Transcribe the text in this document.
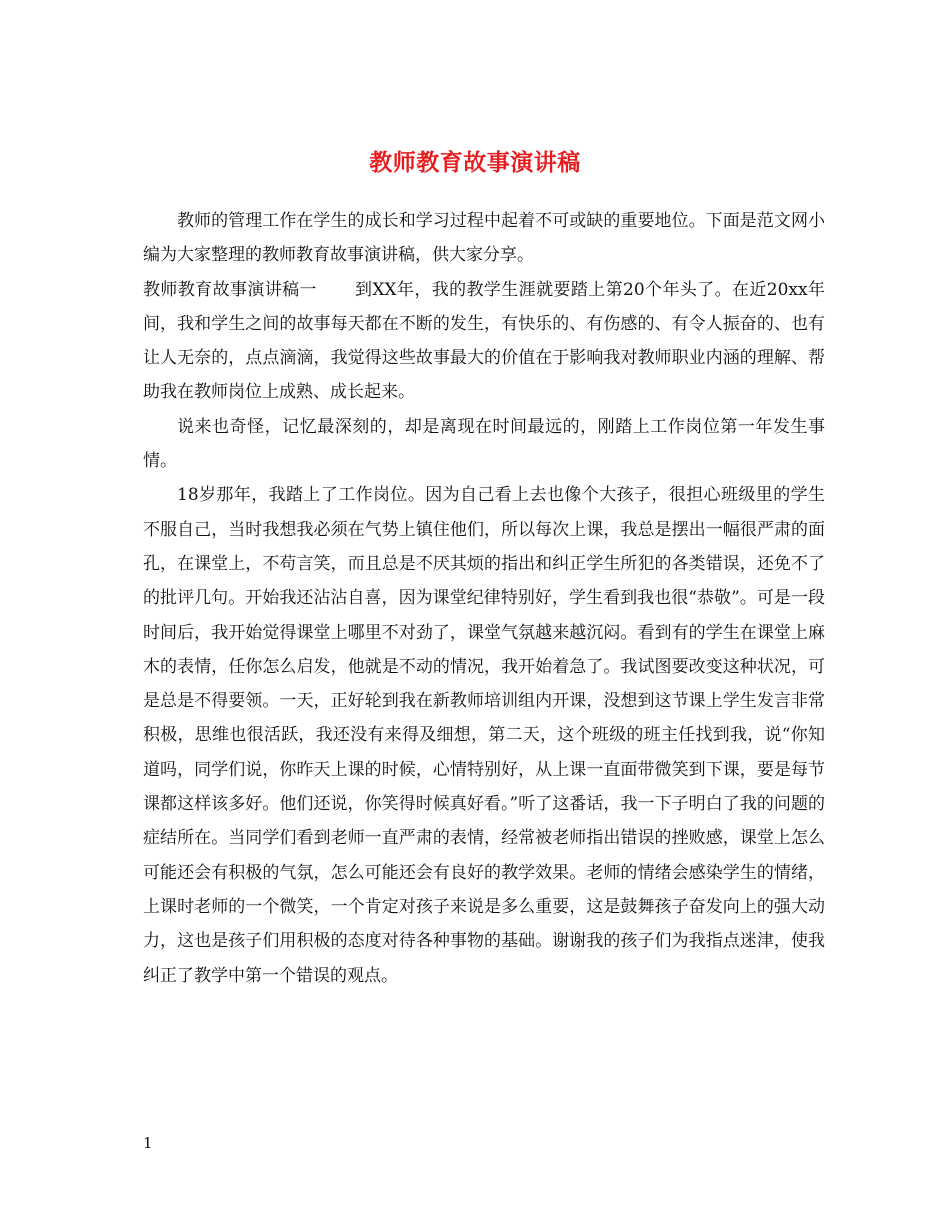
教师教育故事演讲稿

教师的管理工作在学生的成长和学习过程中起着不可或缺的重要地位。下面是范文网小编为大家整理的教师教育故事演讲稿，供大家分享。

教师教育故事演讲稿一 到XX年，我的教学生涯就要踏上第20个年头了。在近20xx年间，我和学生之间的故事每天都在不断的发生，有快乐的、有伤感的、有令人振奋的、也有让人无奈的，点点滴滴，我觉得这些故事最大的价值在于影响我对教师职业内涵的理解、帮助我在教师岗位上成熟、成长起来。

说来也奇怪，记忆最深刻的，却是离现在时间最远的，刚踏上工作岗位第一年发生事情。

18岁那年，我踏上了工作岗位。因为自己看上去也像个大孩子，很担心班级里的学生不服自己，当时我想我必须在气势上镇住他们，所以每次上课，我总是摆出一幅很严肃的面孔，在课堂上，不苟言笑，而且总是不厌其烦的指出和纠正学生所犯的各类错误，还免不了的批评几句。开始我还沾沾自喜，因为课堂纪律特别好，学生看到我也很“恭敬”。可是一段时间后，我开始觉得课堂上哪里不对劲了，课堂气氛越来越沉闷。看到有的学生在课堂上麻木的表情，任你怎么启发，他就是不动的情况，我开始着急了。我试图要改变这种状况，可是总是不得要领。一天，正好轮到我在新教师培训组内开课，没想到这节课上学生发言非常积极，思维也很活跃，我还没有来得及细想，第二天，这个班级的班主任找到我，说“你知道吗，同学们说，你昨天上课的时候，心情特别好，从上课一直面带微笑到下课，要是每节课都这样该多好。他们还说，你笑得时候真好看。”听了这番话，我一下子明白了我的问题的症结所在。当同学们看到老师一直严肃的表情，经常被老师指出错误的挫败感，课堂上怎么可能还会有积极的气氛，怎么可能还会有良好的教学效果。老师的情绪会感染学生的情绪，上课时老师的一个微笑，一个肯定对孩子来说是多么重要，这是鼓舞孩子奋发向上的强大动力，这也是孩子们用积极的态度对待各种事物的基础。谢谢我的孩子们为我指点迷津，使我纠正了教学中第一个错误的观点。

1
